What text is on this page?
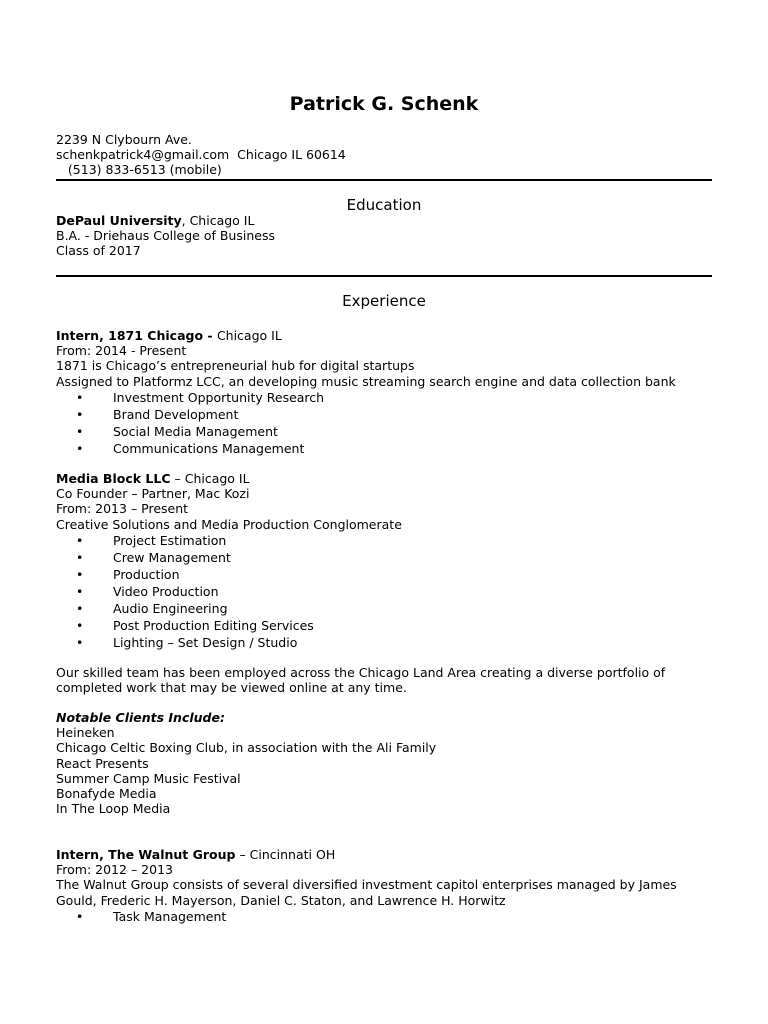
Patrick G. Schenk
2239 N Clybourn Ave.
schenkpatrick4@gmail.com  Chicago IL 60614
(513) 833-6513 (mobile)
Education
DePaul University, Chicago IL
B.A. - Driehaus College of Business
Class of 2017
Experience
Intern, 1871 Chicago - Chicago IL
From: 2014 - Present
1871 is Chicago’s entrepreneurial hub for digital startups
Assigned to Platformz LCC, an developing music streaming search engine and data collection bank
• Investment Opportunity Research
• Brand Development
• Social Media Management
• Communications Management
Media Block LLC – Chicago IL
Co Founder – Partner, Mac Kozi
From: 2013 – Present
Creative Solutions and Media Production Conglomerate
• Project Estimation
• Crew Management
• Production
• Video Production
• Audio Engineering
• Post Production Editing Services
• Lighting – Set Design / Studio
Our skilled team has been employed across the Chicago Land Area creating a diverse portfolio of
completed work that may be viewed online at any time.
Notable Clients Include:
Heineken
Chicago Celtic Boxing Club, in association with the Ali Family
React Presents
Summer Camp Music Festival
Bonafyde Media
In The Loop Media
Intern, The Walnut Group – Cincinnati OH
From: 2012 – 2013
The Walnut Group consists of several diversified investment capitol enterprises managed by James
Gould, Frederic H. Mayerson, Daniel C. Staton, and Lawrence H. Horwitz
• Task Management
